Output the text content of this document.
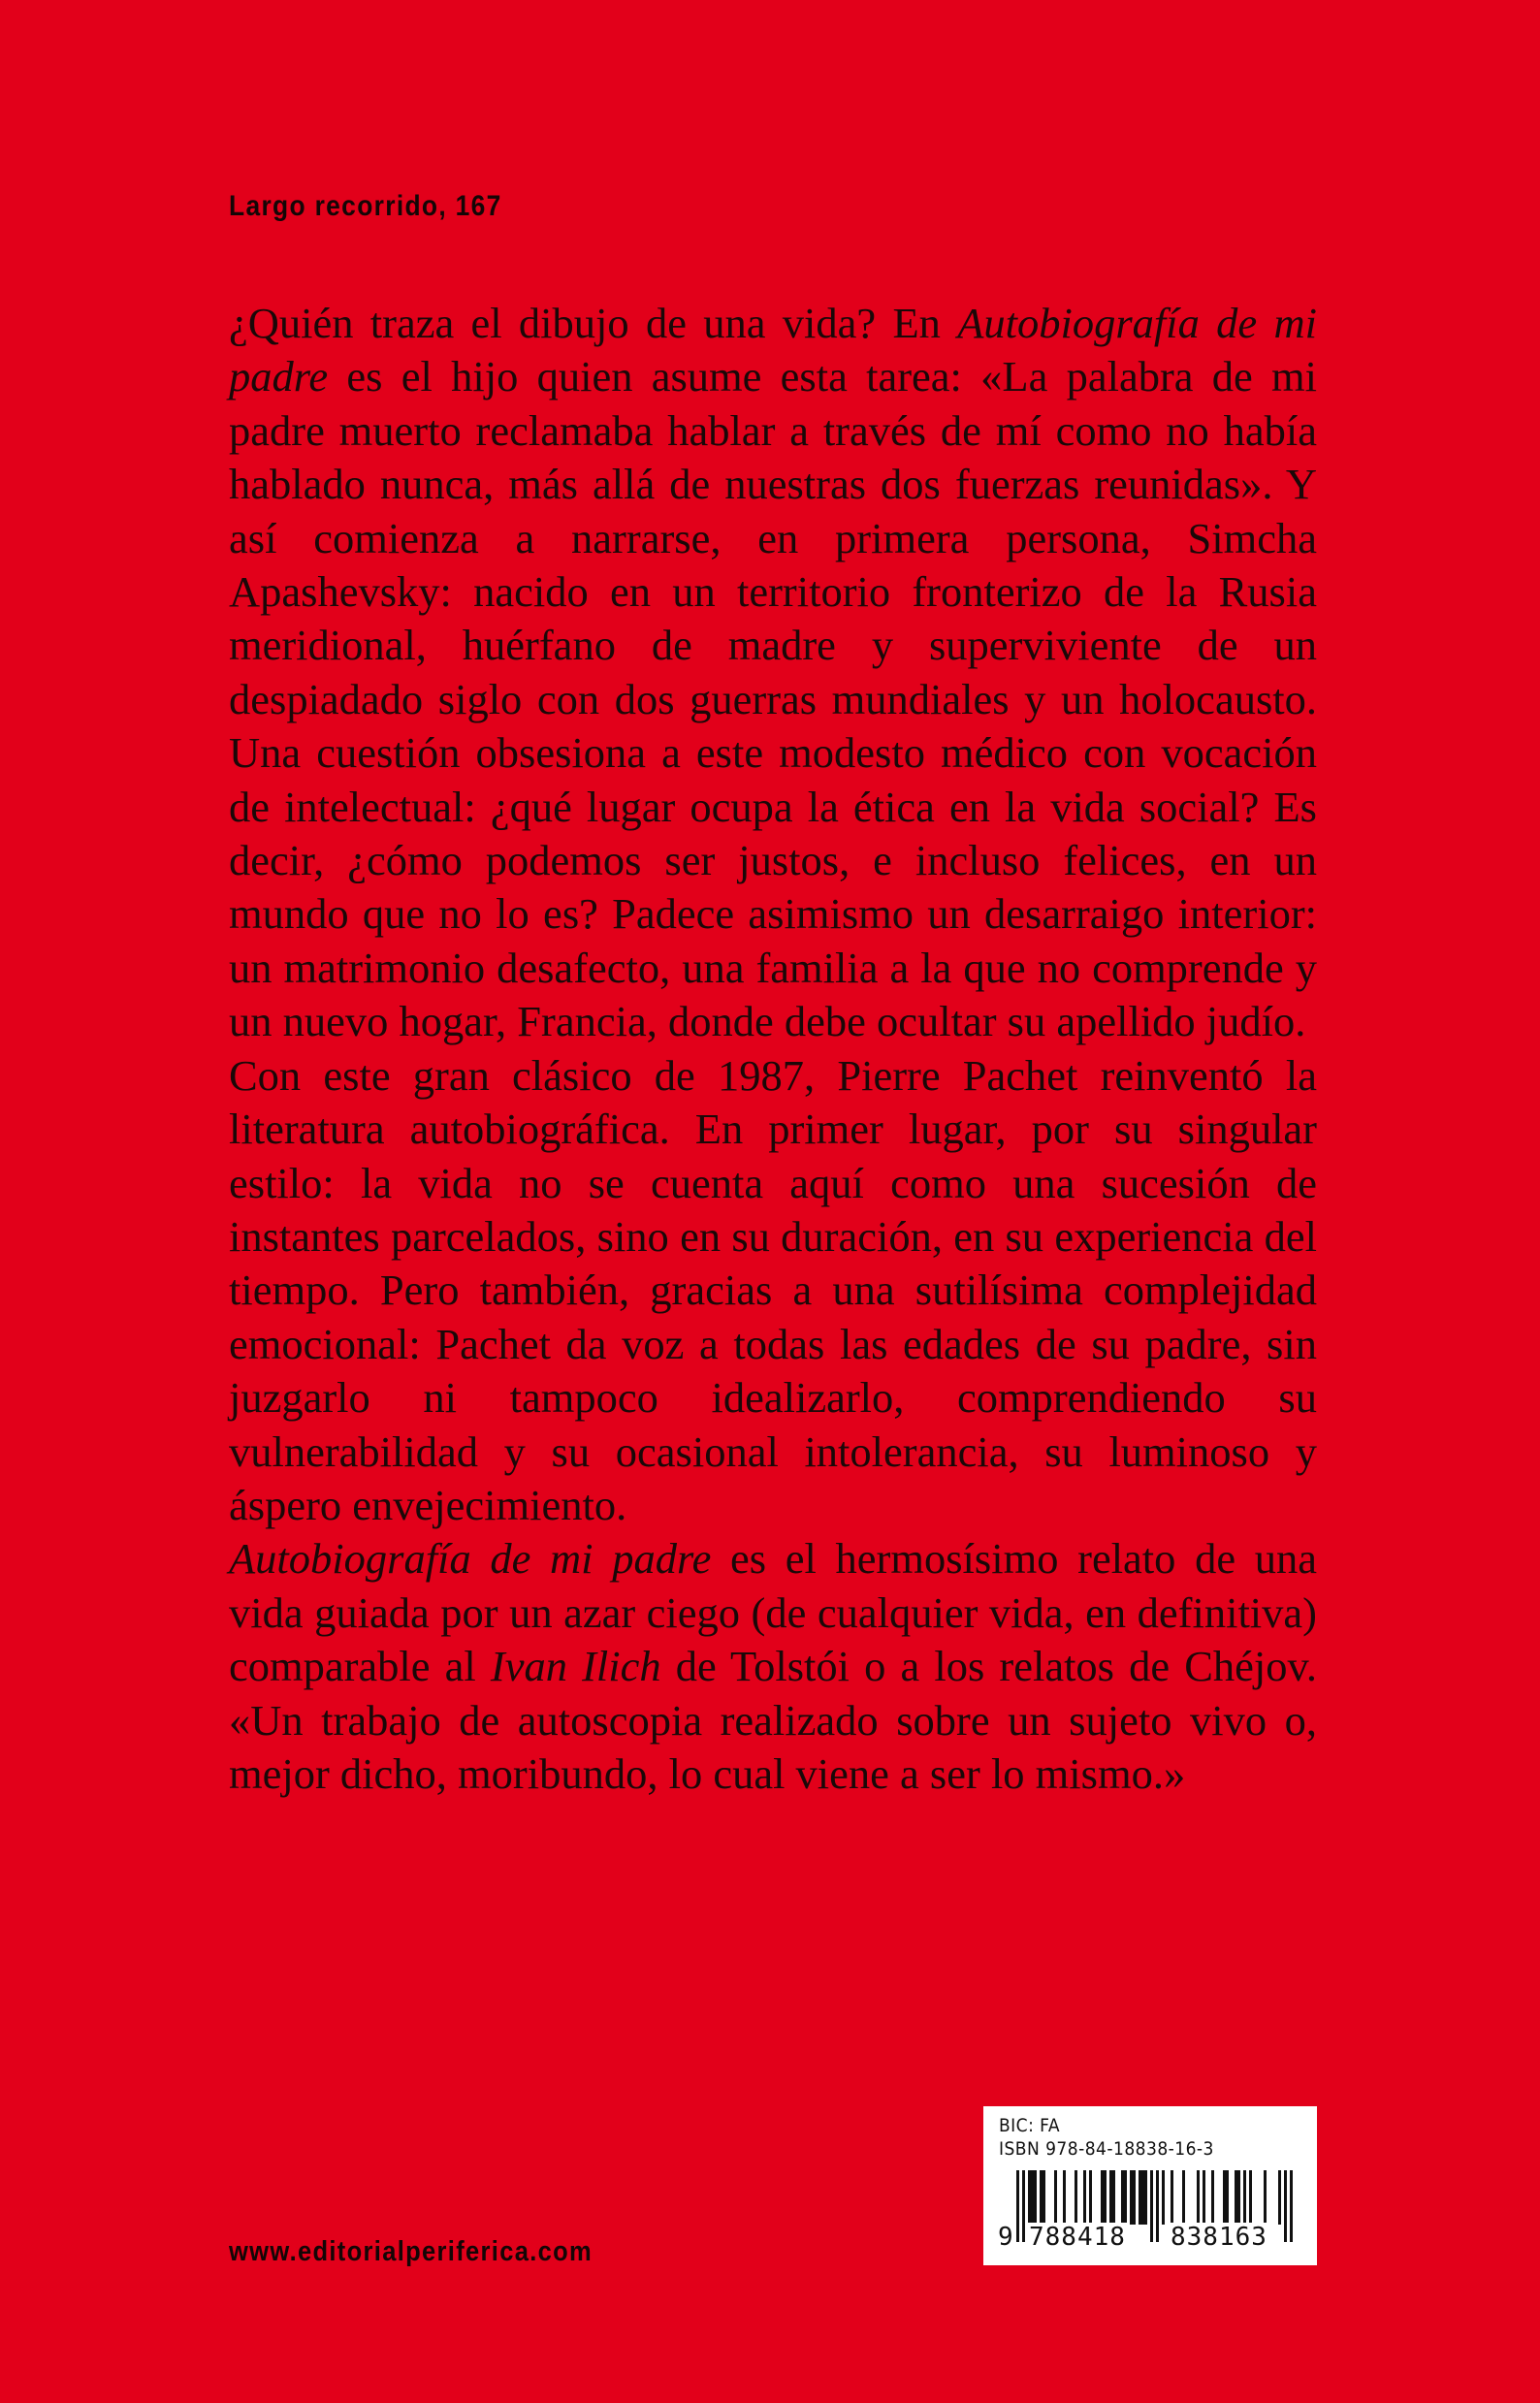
Largo recorrido, 167

¿Quién traza el dibujo de una vida? En Autobiografía de mi padre es el hijo quien asume esta tarea: «La palabra de mi padre muerto reclamaba hablar a través de mí como no había hablado nunca, más allá de nuestras dos fuerzas reunidas». Y así comienza a narrarse, en primera persona, Simcha Apashevsky: nacido en un territorio fronterizo de la Rusia meridional, huérfano de madre y superviviente de un despiadado siglo con dos guerras mundiales y un holocausto. Una cuestión obsesiona a este modesto médico con vocación de intelectual: ¿qué lugar ocupa la ética en la vida social? Es decir, ¿cómo podemos ser justos, e incluso felices, en un mundo que no lo es? Padece asimismo un desarraigo interior: un matrimonio desafecto, una familia a la que no comprende y un nuevo hogar, Francia, donde debe ocultar su apellido judío.

Con este gran clásico de 1987, Pierre Pachet reinventó la literatura autobiográfica. En primer lugar, por su singular estilo: la vida no se cuenta aquí como una sucesión de instantes parcelados, sino en su duración, en su experiencia del tiempo. Pero también, gracias a una sutilísima complejidad emocional: Pachet da voz a todas las edades de su padre, sin juzgarlo ni tampoco idealizarlo, comprendiendo su vulnerabilidad y su ocasional intolerancia, su luminoso y áspero envejecimiento.

Autobiografía de mi padre es el hermosísimo relato de una vida guiada por un azar ciego (de cualquier vida, en definitiva) comparable al Ivan Ilich de Tolstói o a los relatos de Chéjov. «Un trabajo de autoscopia realizado sobre un sujeto vivo o, mejor dicho, moribundo, lo cual viene a ser lo mismo.»

www.editorialperiferica.com
BIC: FA
ISBN 978-84-18838-16-3
9 788418 838163
